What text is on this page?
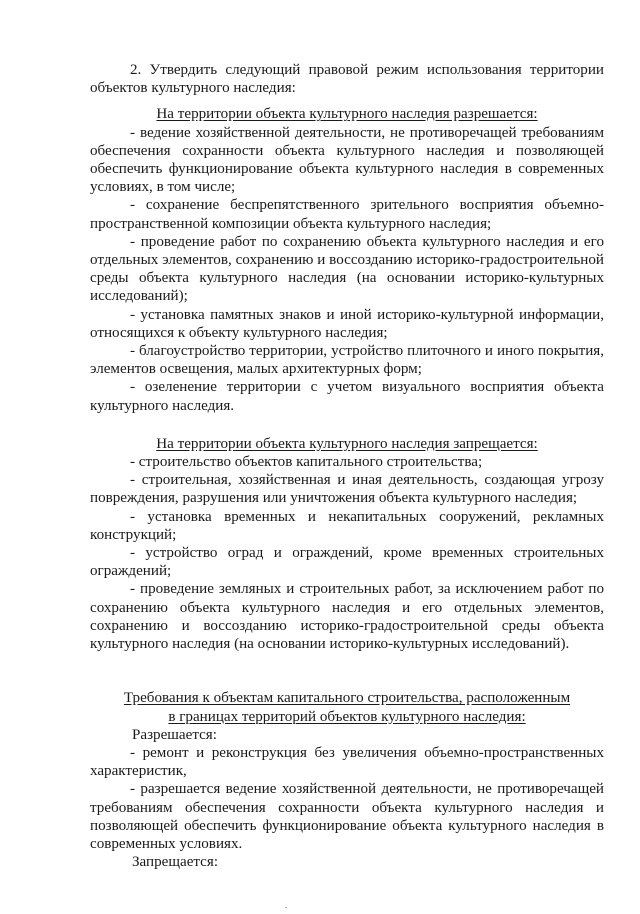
2. Утвердить следующий правовой режим использования территории объектов культурного наследия:

На территории объекта культурного наследия разрешается:

- ведение хозяйственной деятельности, не противоречащей требованиям обеспечения сохранности объекта культурного наследия и позволяющей обеспечить функционирование объекта культурного наследия в современных условиях, в том числе;

- сохранение беспрепятственного зрительного восприятия объемно-пространственной композиции объекта культурного наследия;

- проведение работ по сохранению объекта культурного наследия и его отдельных элементов, сохранению и воссозданию историко-градостроительной среды объекта культурного наследия (на основании историко-культурных исследований);

- установка памятных знаков и иной историко-культурной информации, относящихся к объекту культурного наследия;

- благоустройство территории, устройство плиточного и иного покрытия, элементов освещения, малых архитектурных форм;

- озеленение территории с учетом визуального восприятия объекта культурного наследия.

На территории объекта культурного наследия запрещается:

- строительство объектов капитального строительства;

- строительная, хозяйственная и иная деятельность, создающая угрозу повреждения, разрушения или уничтожения объекта культурного наследия;

- установка временных и некапитальных сооружений, рекламных конструкций;

- устройство оград и ограждений, кроме временных строительных ограждений;

- проведение земляных и строительных работ, за исключением работ по сохранению объекта культурного наследия и его отдельных элементов, сохранению и воссозданию историко-градостроительной среды объекта культурного наследия (на основании историко-культурных исследований).

Требования к объектам капитального строительства, расположенным

в границах территорий объектов культурного наследия:

Разрешается:

- ремонт и реконструкция без увеличения объемно-пространственных характеристик,

- разрешается ведение хозяйственной деятельности, не противоречащей требованиям обеспечения сохранности объекта культурного наследия и позволяющей обеспечить функционирование объекта культурного наследия в современных условиях.

Запрещается:

.
